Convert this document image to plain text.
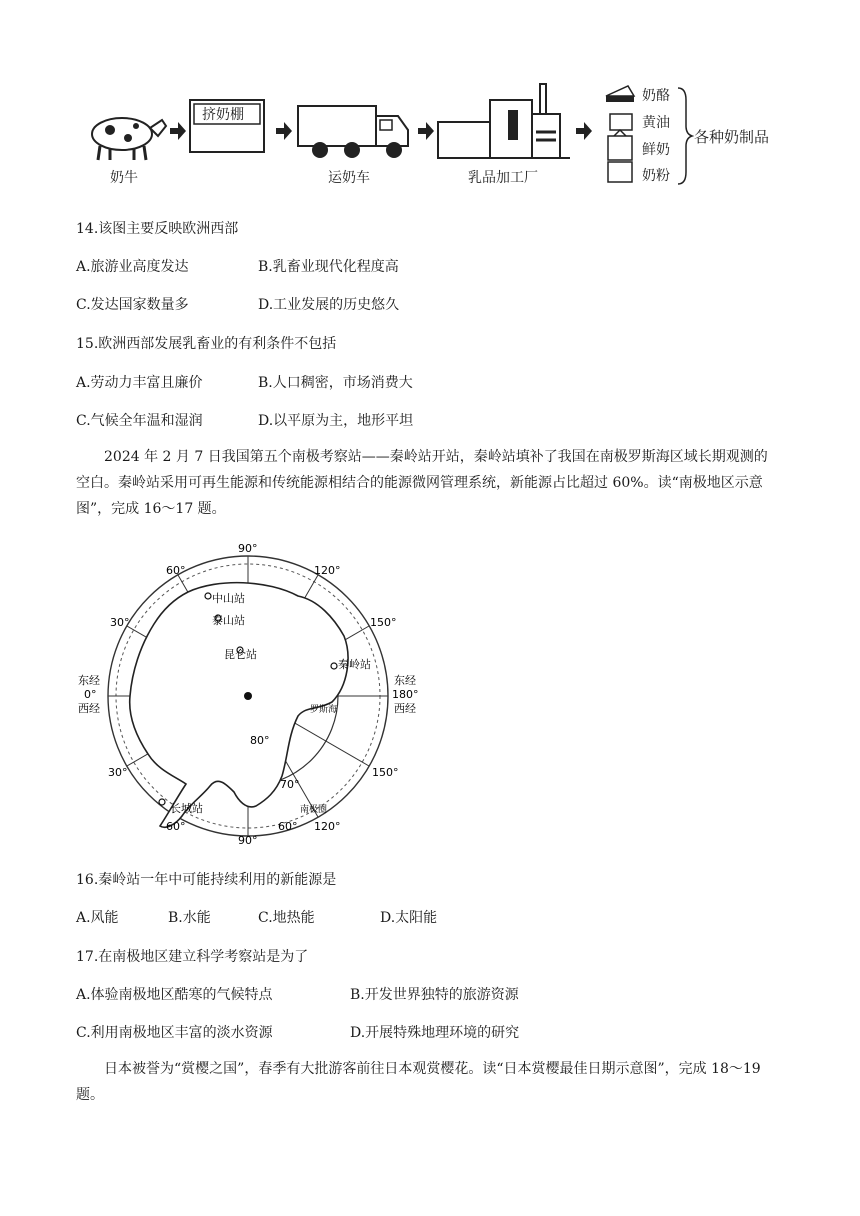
奶牛
挤奶棚
运奶车	乳品加工厂
奶酪
黄油
鲜奶
奶粉
各种奶制品
14.该图主要反映欧洲西部
A.旅游业高度发达	B.乳畜业现代化程度高
C.发达国家数量多	D.工业发展的历史悠久
15.欧洲西部发展乳畜业的有利条件不包括
A.劳动力丰富且廉价	B.人口稠密，市场消费大
C.气候全年温和湿润	D.以平原为主，地形平坦
2024 年 2 月 7 日我国第五个南极考察站——秦岭站开站，秦岭站填补了我国在南极罗斯海区域长期观测的空白。秦岭站采用可再生能源和传统能源相结合的能源微网管理系统，新能源占比超过 60%。读“南极地区示意图”，完成 16～17 题。
90°
60°	120°
30°	150°
东经
0°
西经
东经
180°
西经
30°	150°
60°	60° 120°
90°
80°
70°
中山站
泰山站
昆仑站
秦岭站
罗斯海
长城站	南极圈
16.秦岭站一年中可能持续利用的新能源是
A.风能	B.水能	C.地热能	D.太阳能
17.在南极地区建立科学考察站是为了
A.体验南极地区酷寒的气候特点	B.开发世界独特的旅游资源
C.利用南极地区丰富的淡水资源	D.开展特殊地理环境的研究
日本被誉为“赏樱之国”，春季有大批游客前往日本观赏樱花。读“日本赏樱最佳日期示意图”，完成 18～19 题。
